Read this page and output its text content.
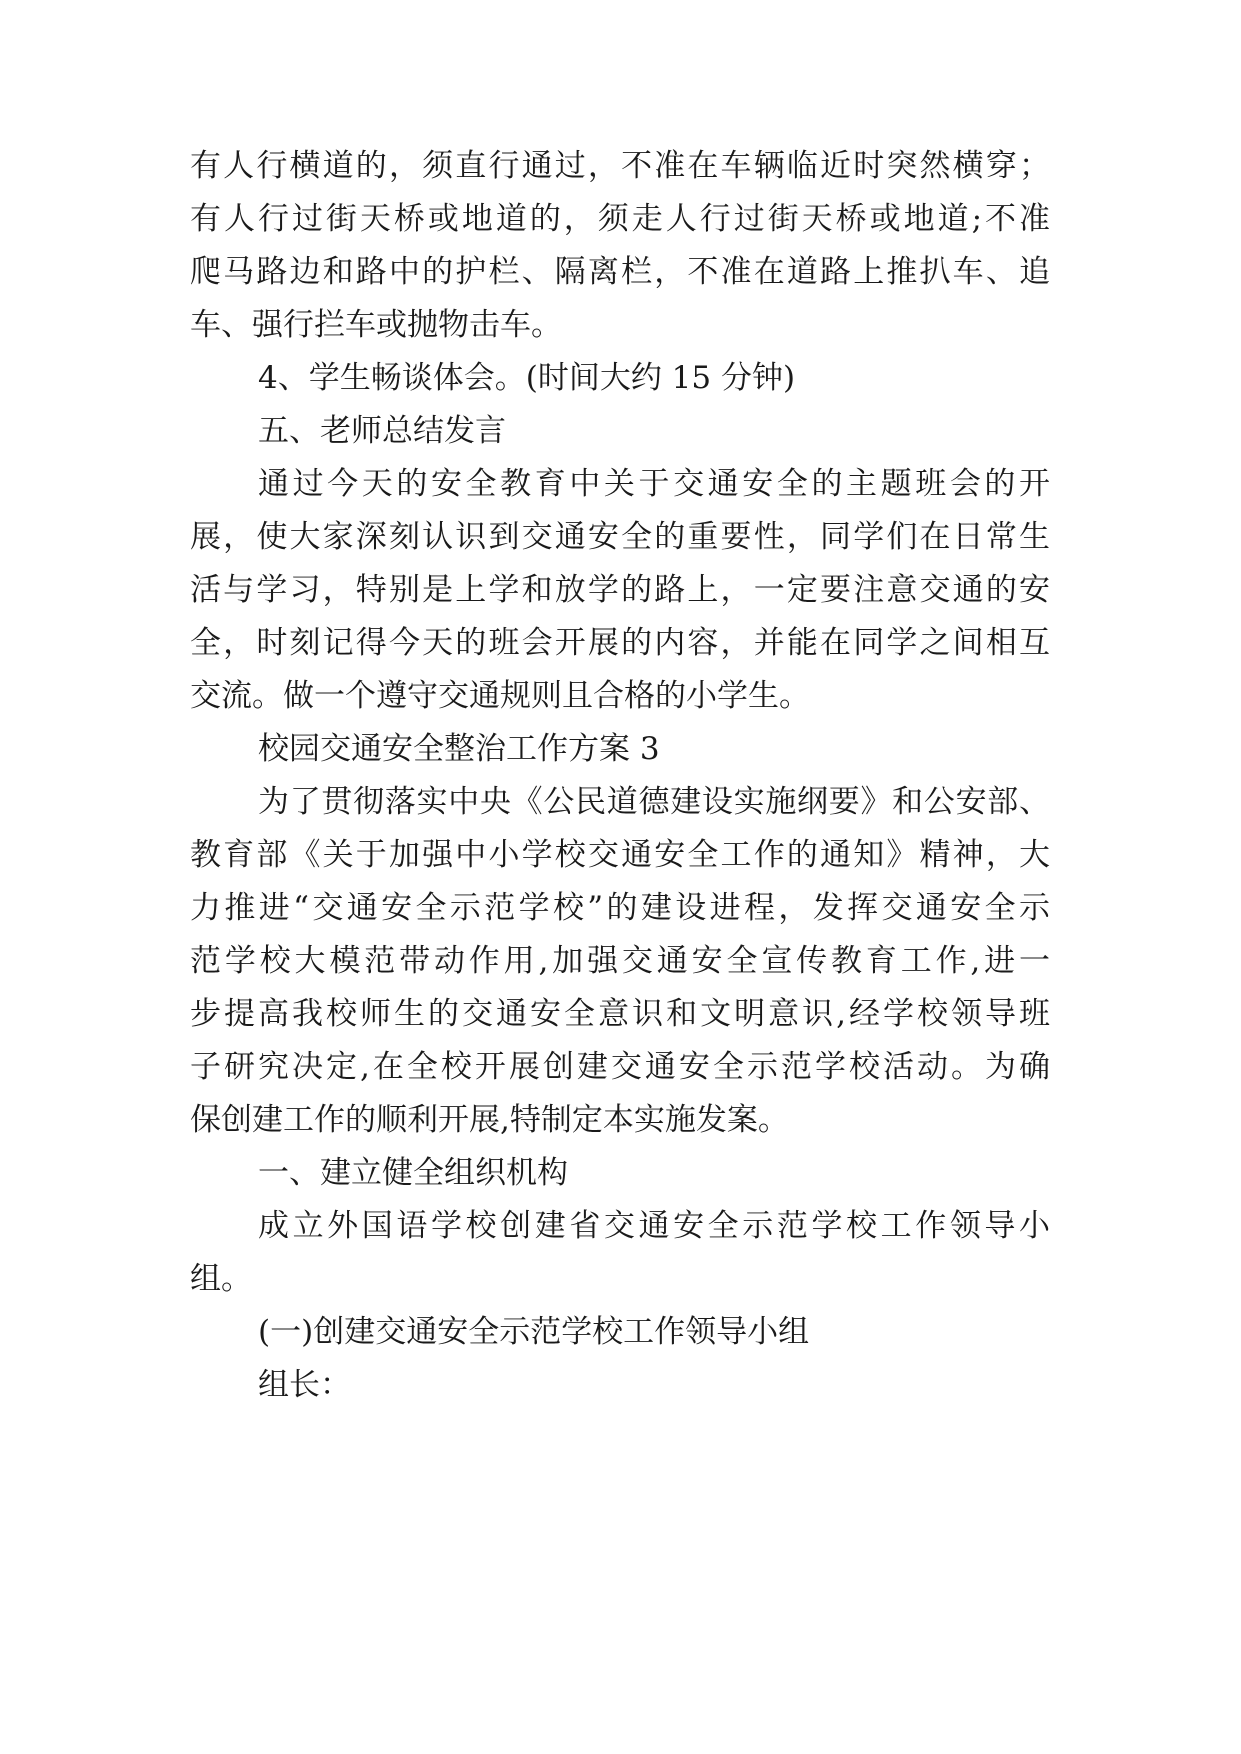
有人行横道的，须直行通过，不准在车辆临近时突然横穿；

有人行过街天桥或地道的，须走人行过街天桥或地道;不准

爬马路边和路中的护栏、隔离栏，不准在道路上推扒车、追

车、强行拦车或抛物击车。

4、学生畅谈体会。(时间大约 15 分钟)

五、老师总结发言

通过今天的安全教育中关于交通安全的主题班会的开

展，使大家深刻认识到交通安全的重要性，同学们在日常生

活与学习，特别是上学和放学的路上，一定要注意交通的安

全，时刻记得今天的班会开展的内容，并能在同学之间相互

交流。做一个遵守交通规则且合格的小学生。

校园交通安全整治工作方案 3

为了贯彻落实中央《公民道德建设实施纲要》和公安部、

教育部《关于加强中小学校交通安全工作的通知》精神，大

力推进“交通安全示范学校”的建设进程，发挥交通安全示

范学校大模范带动作用,加强交通安全宣传教育工作,进一

步提高我校师生的交通安全意识和文明意识,经学校领导班

子研究决定,在全校开展创建交通安全示范学校活动。为确

保创建工作的顺利开展,特制定本实施发案。

一、建立健全组织机构

成立外国语学校创建省交通安全示范学校工作领导小

组。

(一)创建交通安全示范学校工作领导小组

组长：
